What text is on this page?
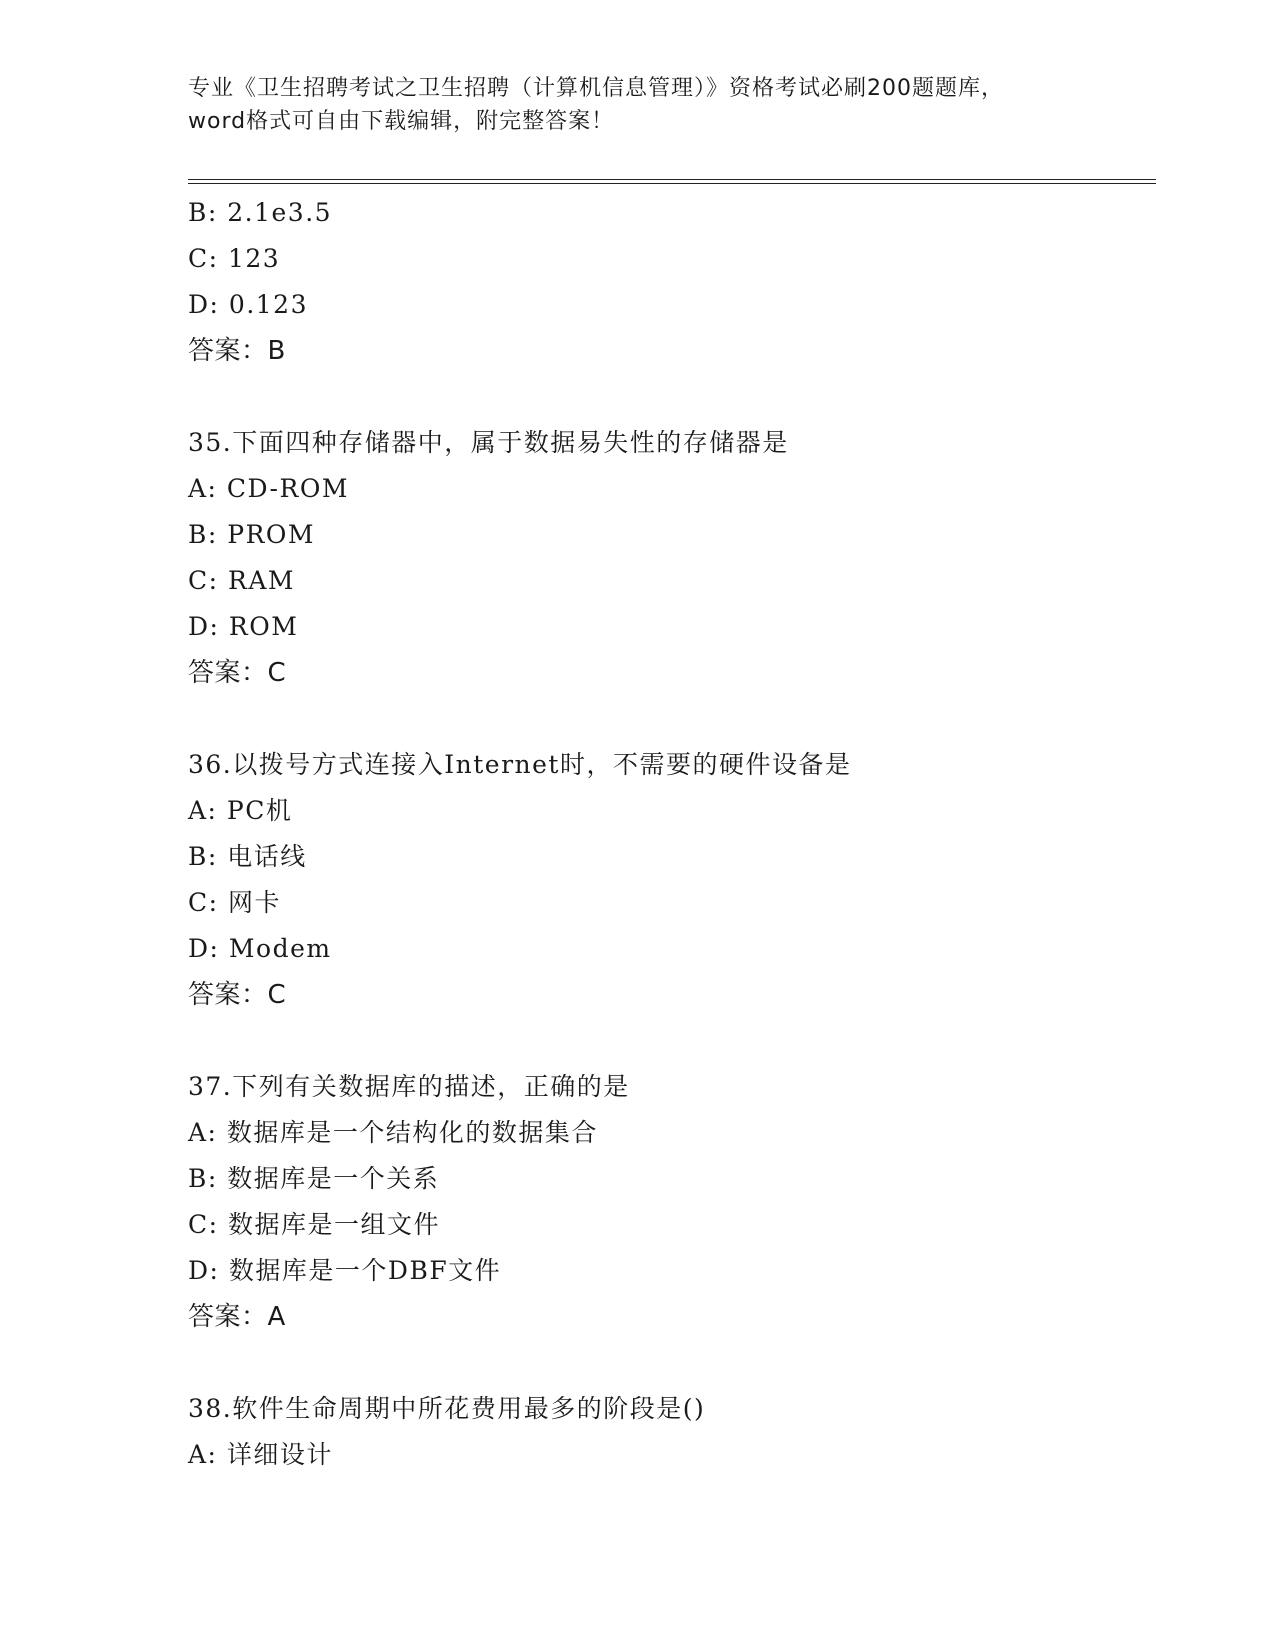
专业《卫生招聘考试之卫生招聘（计算机信息管理）》资格考试必刷200题题库，
word格式可自由下载编辑，附完整答案！
B: 2.1e3.5
C: 123
D: 0.123
答案：B
35.下面四种存储器中，属于数据易失性的存储器是
A: CD-ROM
B: PROM
C: RAM
D: ROM
答案：C
36.以拨号方式连接入Internet时，不需要的硬件设备是
A: PC机
B: 电话线
C: 网卡
D: Modem
答案：C
37.下列有关数据库的描述，正确的是
A: 数据库是一个结构化的数据集合
B: 数据库是一个关系
C: 数据库是一组文件
D: 数据库是一个DBF文件
答案：A
38.软件生命周期中所花费用最多的阶段是()
A: 详细设计
